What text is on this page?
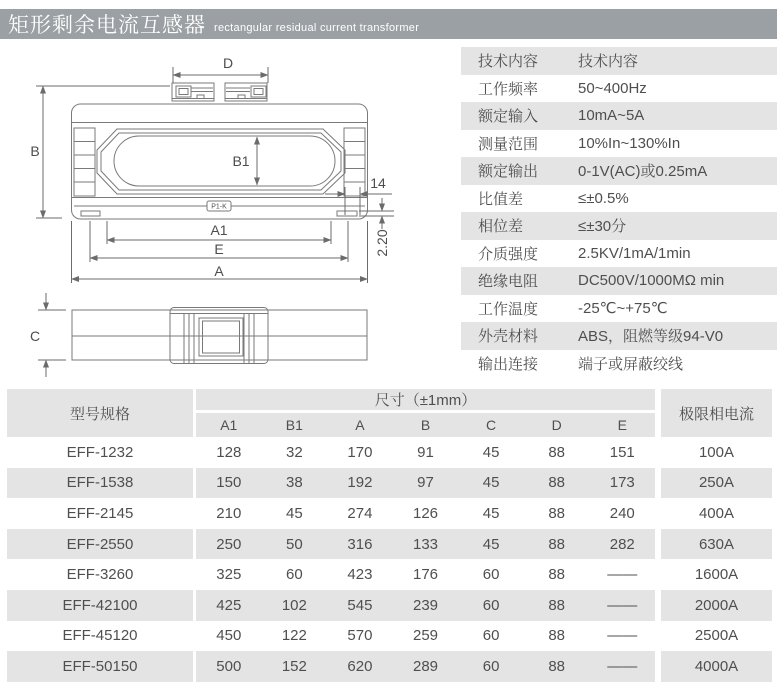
矩形剩余电流互感器 rectangular residual current transformer
D
B
B1
14
A1
E
A
2.20
C
P1-K
技术内容	技术内容
工作频率	50~400Hz
额定输入	10mA~5A
测量范围	10%In~130%In
额定输出	0-1V(AC)或0.25mA
比值差	≤±0.5%
相位差	≤±30分
介质强度	2.5KV/1mA/1min
绝缘电阻	DC500V/1000MΩ min
工作温度	-25℃~+75℃
外壳材料	ABS，阻燃等级94-V0
输出连接	端子或屏蔽绞线
型号规格
尺寸（±1mm）
A1	B1	A	B	C	D	E
极限相电流
EFF-1232	128	32	170	91	45	88	151	100A
EFF-1538	150	38	192	97	45	88	173	250A
EFF-2145	210	45	274	126	45	88	240	400A
EFF-2550	250	50	316	133	45	88	282	630A
EFF-3260	325	60	423	176	60	88	——	1600A
EFF-42100	425	102	545	239	60	88	——	2000A
EFF-45120	450	122	570	259	60	88	——	2500A
EFF-50150	500	152	620	289	60	88	——	4000A
